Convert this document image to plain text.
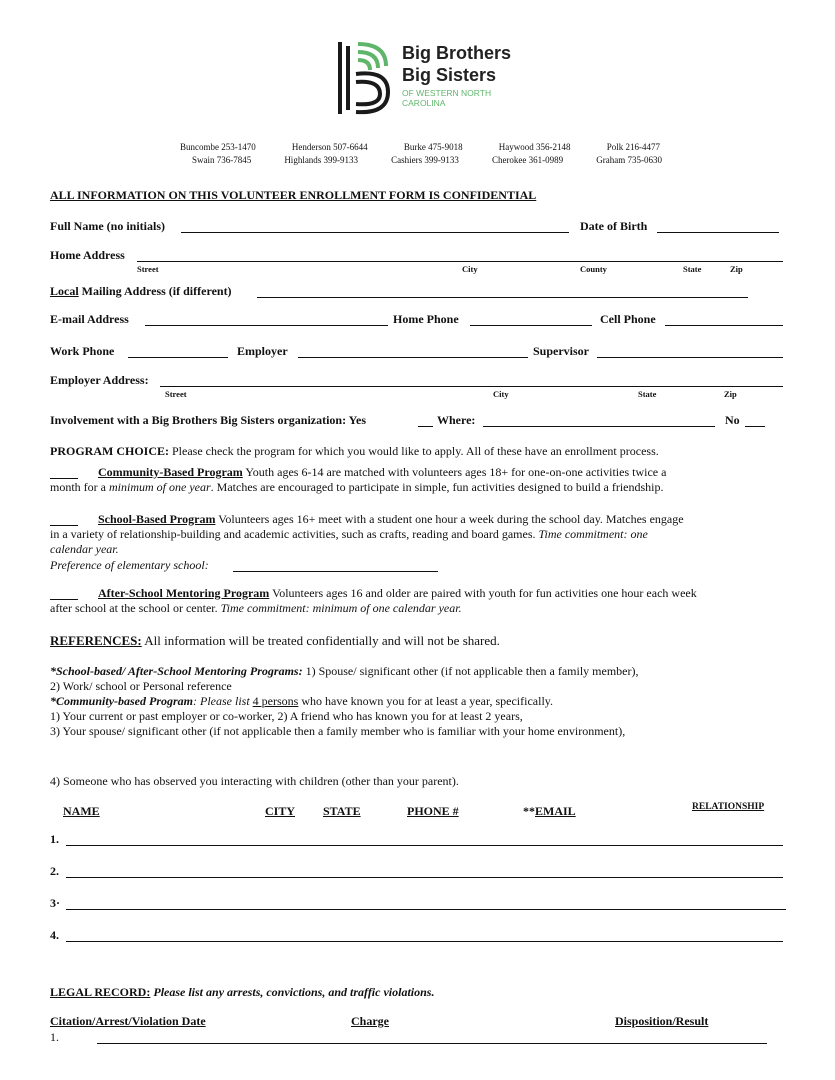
Big Brothers
Big Sisters
OF WESTERN NORTH
CAROLINA
Buncombe 253-1470	Henderson 507-6644	Burke 475-9018	Haywood 356-2148	Polk 216-4477
Swain 736-7845	Highlands 399-9133	Cashiers 399-9133	Cherokee 361-0989	Graham 735-0630
ALL INFORMATION ON THIS VOLUNTEER ENROLLMENT FORM IS CONFIDENTIAL
Full Name (no initials)	Date of Birth
Home Address
Street	City	County	State	Zip
Local Mailing Address (if different)
E-mail Address	Home Phone	Cell Phone
Work Phone	Employer	Supervisor
Employer Address:
Street	City	State	Zip
Involvement with a Big Brothers Big Sisters organization: Yes	Where:	No
PROGRAM CHOICE: Please check the program for which you would like to apply. All of these have an enrollment process.
Community-Based Program Youth ages 6-14 are matched with volunteers ages 18+ for one-on-one activities twice a
month for a minimum of one year. Matches are encouraged to participate in simple, fun activities designed to build a friendship.
School-Based Program Volunteers ages 16+ meet with a student one hour a week during the school day. Matches engage
in a variety of relationship-building and academic activities, such as crafts, reading and board games. Time commitment: one
calendar year.
Preference of elementary school:
After-School Mentoring Program Volunteers ages 16 and older are paired with youth for fun activities one hour each week
after school at the school or center. Time commitment: minimum of one calendar year.
REFERENCES: All information will be treated confidentially and will not be shared.
*School-based/ After-School Mentoring Programs: 1) Spouse/ significant other (if not applicable then a family member),
2) Work/ school or Personal reference
*Community-based Program: Please list 4 persons who have known you for at least a year, specifically.
1) Your current or past employer or co-worker, 2) A friend who has known you for at least 2 years,
3) Your spouse/ significant other (if not applicable then a family member who is familiar with your home environment),
4) Someone who has observed you interacting with children (other than your parent).
NAME	CITY STATE	PHONE #	**EMAIL	RELATIONSHIP
1.
2.
3·
4.
LEGAL RECORD: Please list any arrests, convictions, and traffic violations.
Citation/Arrest/Violation Date	Charge	Disposition/Result
1.
